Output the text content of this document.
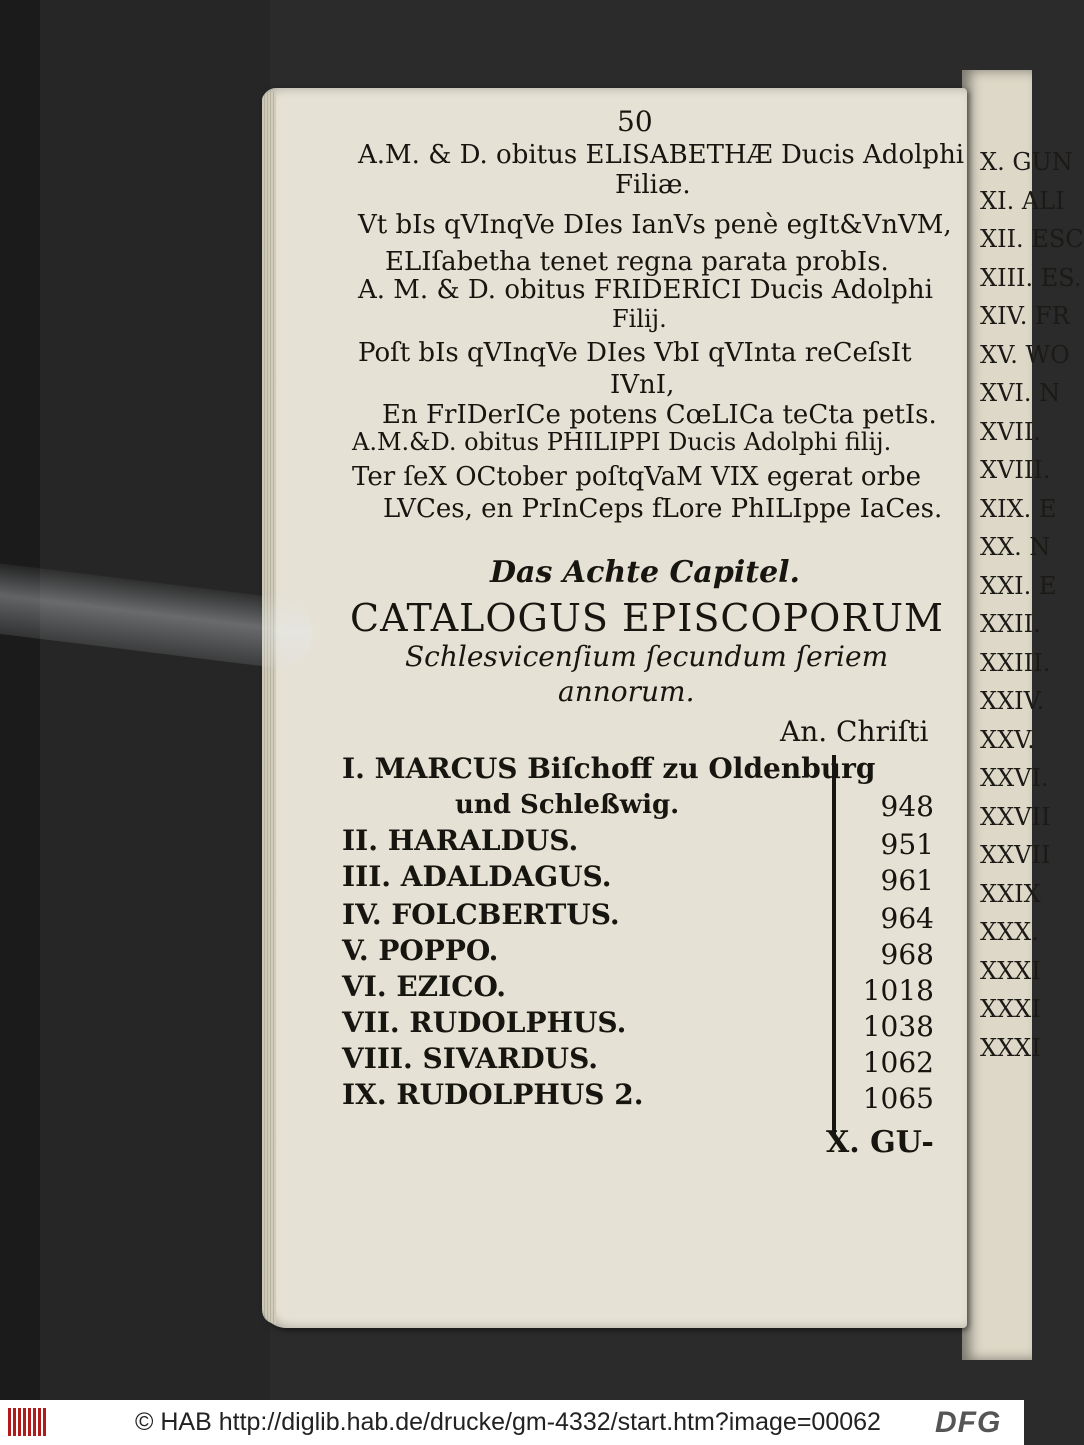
X. GUN
XI. ALI
XII. ESC
XIII. ES.
XIV. FR
XV. WO
XVI. N
XVII.
XVIII.
XIX. E
XX. N
XXI. E
XXII.
XXIII.
XXIV.
XXV.
XXVI.
XXVII
XXVII
XXIX
XXX.
XXXI
XXXI
XXXI
50
A.M. & D. obitus ELISABETHÆ Ducis Adolphi
Filiæ.
Vt bIs qVInqVe DIes IanVs penè egIt&VnVM,
ELIſabetha tenet regna parata probIs.
A. M. & D. obitus FRIDERICI Ducis Adolphi
Filij.
Poſt bIs qVInqVe DIes VbI qVInta reCeſsIt
IVnI,
En FrIDerICe potens CœLICa teCta petIs.
A.M.&D. obitus PHILIPPI Ducis Adolphi filij.
Ter ſeX OCtober poſtqVaM VIX egerat orbe
LVCes, en PrInCeps fLore PhILIppe IaCes.
Das Achte Capitel.
CATALOGUS EPISCOPORUM
Schlesvicenſium ſecundum ſeriem
annorum.
An. Chriſti
I. MARCUS Biſchoff zu Oldenburg
und Schleßwig.	948
II. HARALDUS.	951
III. ADALDAGUS.	961
IV. FOLCBERTUS.	964
V. POPPO.	968
VI. EZICO.	1018
VII. RUDOLPHUS.	1038
VIII. SIVARDUS.	1062
IX. RUDOLPHUS 2.	1065
X. GU-
© HAB http://diglib.hab.de/drucke/gm-4332/start.htm?image=00062 DFG
